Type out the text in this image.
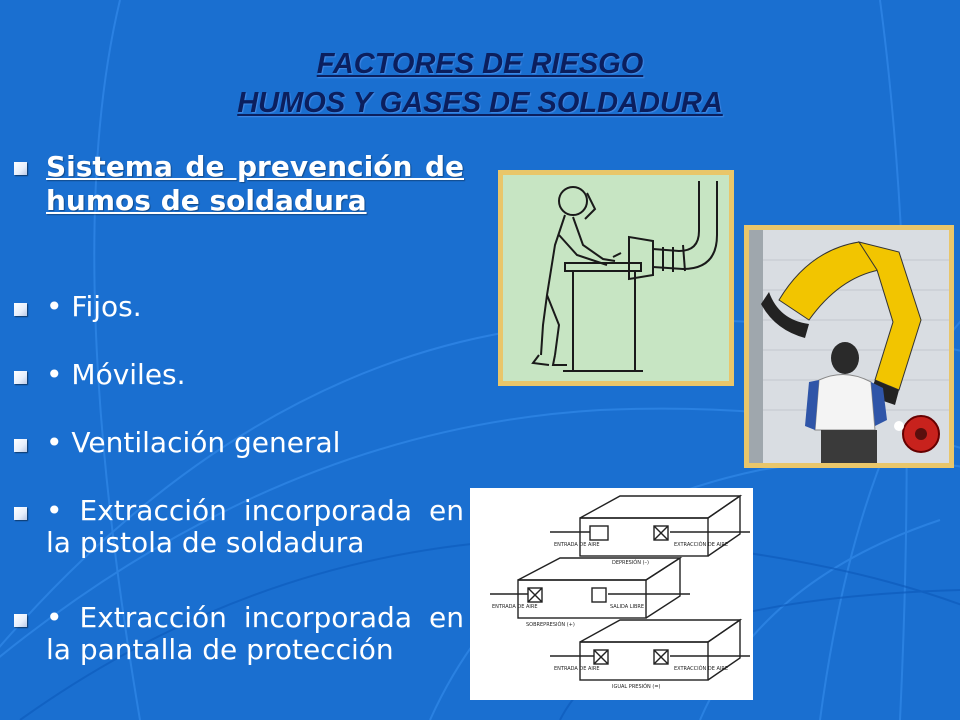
FACTORES DE RIESGO
HUMOS Y GASES DE SOLDADURA
Sistema de prevención de humos de soldadura
• Fijos.
• Móviles.
• Ventilación general
• Extracción incorporada en la pistola de soldadura
• Extracción incorporada en la pantalla de protección
ENTRADA DE AIRE	EXTRACCIÓN DE AIRE
DEPRESIÓN (–)
ENTRADA DE AIRE	SALIDA LIBRE
SOBREPRESIÓN (+)
ENTRADA DE AIRE	EXTRACCIÓN DE AIRE
IGUAL PRESIÓN (=)
